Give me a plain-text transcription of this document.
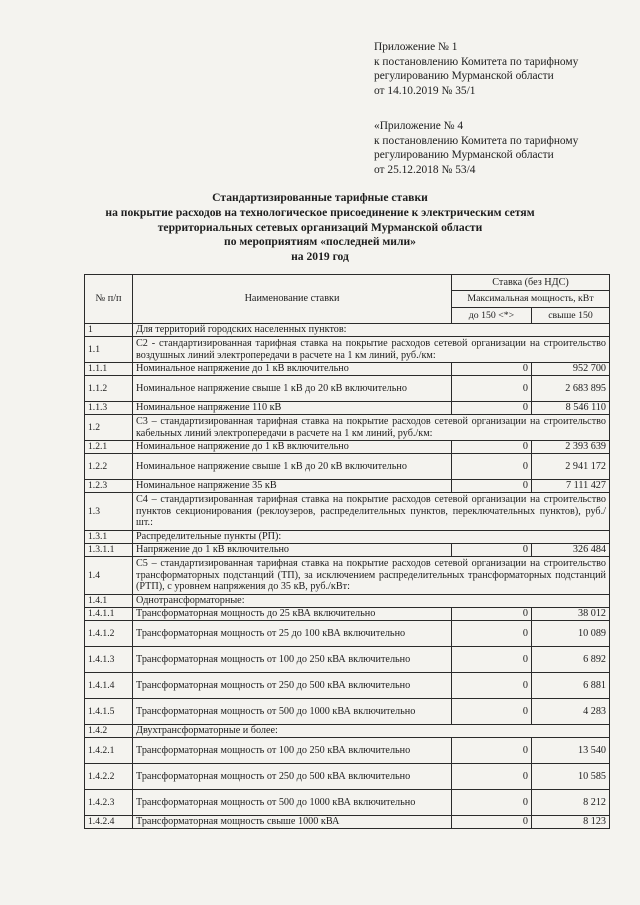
Приложение № 1
к постановлению Комитета по тарифному
регулированию Мурманской области
от 14.10.2019 № 35/1
«Приложение № 4
к постановлению Комитета по тарифному
регулированию Мурманской области
от 25.12.2018 № 53/4
Стандартизированные тарифные ставки
на покрытие расходов на технологическое присоединение к электрическим сетям
территориальных сетевых организаций Мурманской области
по мероприятиям «последней мили»
на 2019 год
№ п/п	Наименование ставки	Ставка (без НДС)	
		Максимальная мощность, кВт	
		до 150 <*>	свыше 150
1	Для территорий городских населенных пунктов:		
1.1	С2 - стандартизированная тарифная ставка на покрытие расходов сетевой организации на строительство воздушных линий электропередачи в расчете на 1 км линий, руб./км:		
1.1.1	Номинальное напряжение до 1 кВ включительно	0	952 700
1.1.2	Номинальное напряжение свыше 1 кВ до 20 кВ включительно	0	2 683 895
1.1.3	Номинальное напряжение 110 кВ	0	8 546 110
1.2	С3 – стандартизированная тарифная ставка на покрытие расходов сетевой организации на строительство кабельных линий электропередачи в расчете на 1 км линий, руб./км:		
1.2.1	Номинальное напряжение до 1 кВ включительно	0	2 393 639
1.2.2	Номинальное напряжение свыше 1 кВ до 20 кВ включительно	0	2 941 172
1.2.3	Номинальное напряжение 35 кВ	0	7 111 427
1.3	С4 – стандартизированная тарифная ставка на покрытие расходов сетевой организации на строительство пунктов секционирования (реклоузеров, распределительных пунктов, переключательных пунктов), руб./шт.:		
1.3.1	Распределительные пункты (РП):		
1.3.1.1	Напряжение до 1 кВ включительно	0	326 484
1.4	С5 – стандартизированная тарифная ставка на покрытие расходов сетевой организации на строительство трансформаторных подстанций (ТП), за исключением распределительных трансформаторных подстанций (РТП), с уровнем напряжения до 35 кВ, руб./кВт:		
1.4.1	Однотрансформаторные:		
1.4.1.1	Трансформаторная мощность до 25 кВА включительно	0	38 012
1.4.1.2	Трансформаторная мощность от 25 до 100 кВА включительно	0	10 089
1.4.1.3	Трансформаторная мощность от 100 до 250 кВА включительно	0	6 892
1.4.1.4	Трансформаторная мощность от 250 до 500 кВА включительно	0	6 881
1.4.1.5	Трансформаторная мощность от 500 до 1000 кВА включительно	0	4 283
1.4.2	Двухтрансформаторные и более:		
1.4.2.1	Трансформаторная мощность от 100 до 250 кВА включительно	0	13 540
1.4.2.2	Трансформаторная мощность от 250 до 500 кВА включительно	0	10 585
1.4.2.3	Трансформаторная мощность от 500 до 1000 кВА включительно	0	8 212
1.4.2.4	Трансформаторная мощность свыше 1000 кВА	0	8 123
